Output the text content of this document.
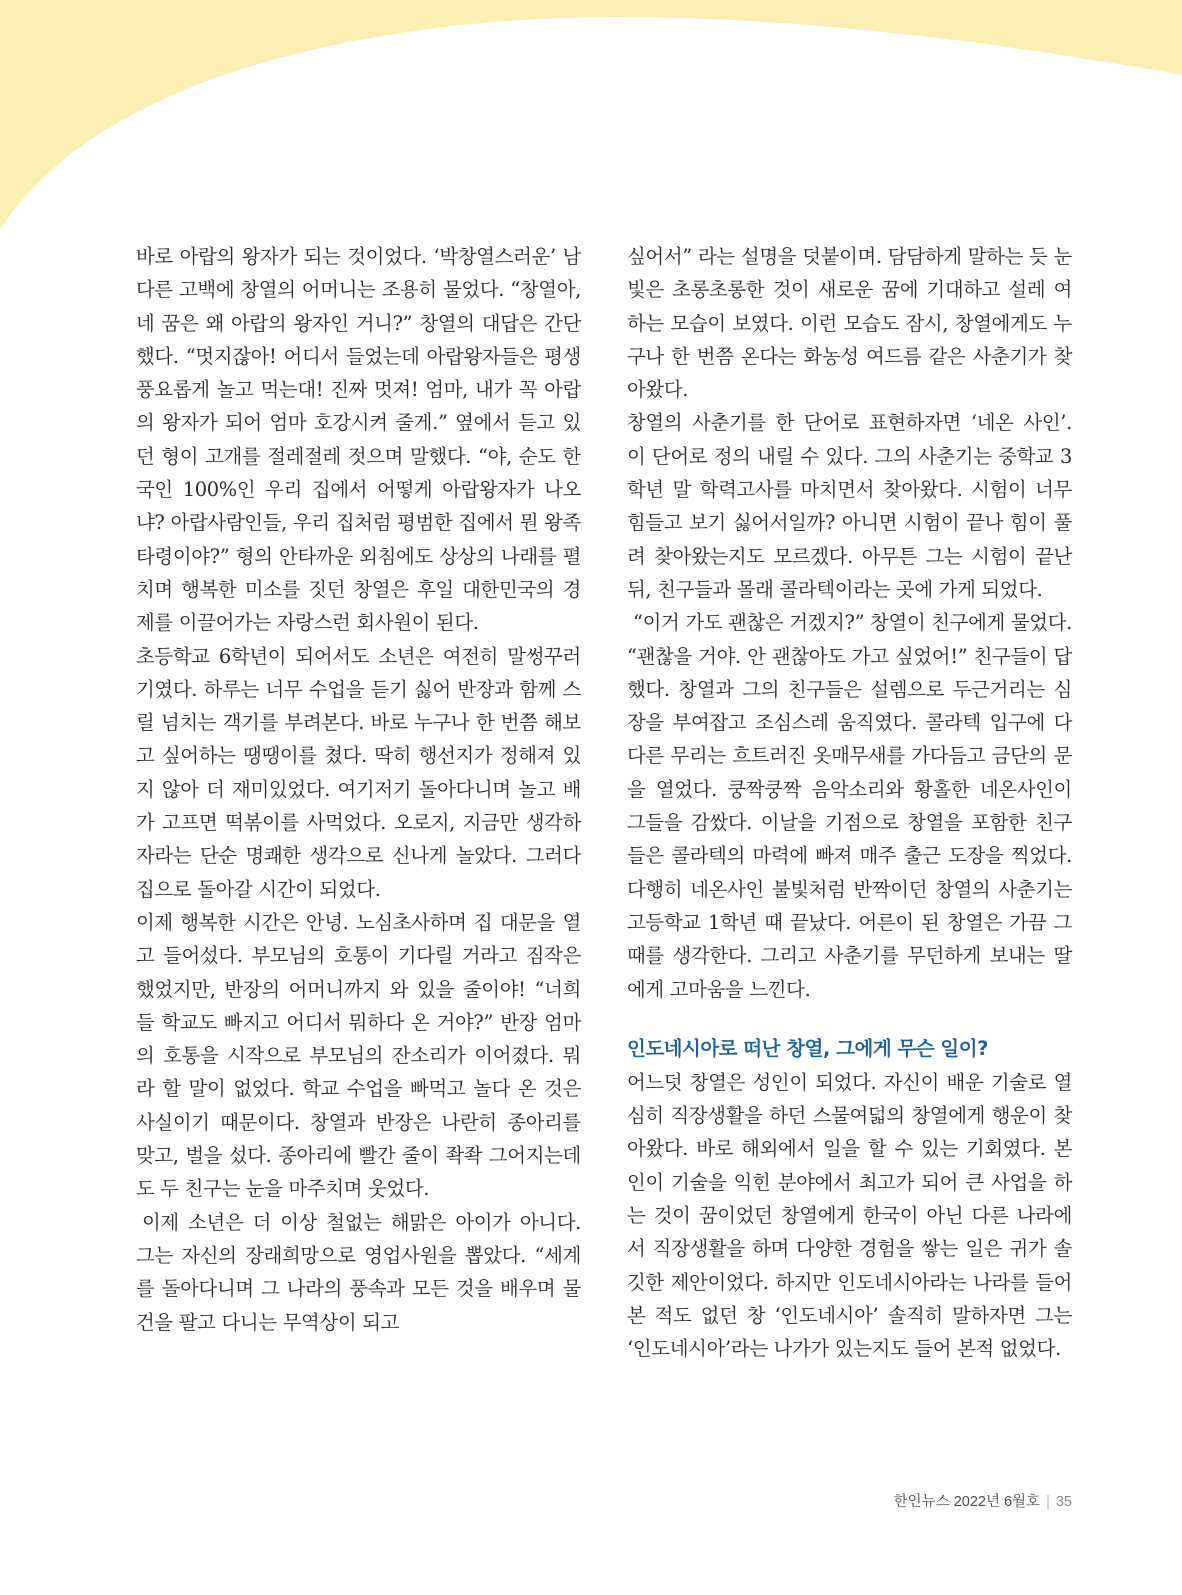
바로 아랍의 왕자가 되는 것이었다. ‘박창열스러운’ 남다른 고백에 창열의 어머니는 조용히 물었다. “창열아, 네 꿈은 왜 아랍의 왕자인 거니?” 창열의 대답은 간단했다. “멋지잖아! 어디서 들었는데 아랍왕자들은 평생 풍요롭게 놀고 먹는대! 진짜 멋져! 엄마, 내가 꼭 아랍의 왕자가 되어 엄마 호강시켜 줄게.” 옆에서 듣고 있던 형이 고개를 절레절레 젓으며 말했다. “야, 순도 한국인 100%인 우리 집에서 어떻게 아랍왕자가 나오냐? 아랍사람인들, 우리 집처럼 평범한 집에서 뭔 왕족 타령이야?” 형의 안타까운 외침에도 상상의 나래를 펼치며 행복한 미소를 짓던 창열은 후일 대한민국의 경제를 이끌어가는 자랑스런 회사원이 된다.

초등학교 6학년이 되어서도 소년은 여전히 말썽꾸러기였다. 하루는 너무 수업을 듣기 싫어 반장과 함께 스릴 넘치는 객기를 부려본다. 바로 누구나 한 번쯤 해보고 싶어하는 땡땡이를 쳤다. 딱히 행선지가 정해져 있지 않아 더 재미있었다. 여기저기 돌아다니며 놀고 배가 고프면 떡볶이를 사먹었다. 오로지, 지금만 생각하자라는 단순 명쾌한 생각으로 신나게 놀았다. 그러다 집으로 돌아갈 시간이 되었다.

이제 행복한 시간은 안녕. 노심초사하며 집 대문을 열고 들어섰다. 부모님의 호통이 기다릴 거라고 짐작은 했었지만, 반장의 어머니까지 와 있을 줄이야! “너희들 학교도 빠지고 어디서 뭐하다 온 거야?” 반장 엄마의 호통을 시작으로 부모님의 잔소리가 이어졌다. 뭐라 할 말이 없었다. 학교 수업을 빠먹고 놀다 온 것은 사실이기 때문이다. 창열과 반장은 나란히 종아리를 맞고, 벌을 섰다. 종아리에 빨간 줄이 좍좍 그어지는데도 두 친구는 눈을 마주치며 웃었다.

이제 소년은 더 이상 철없는 해맑은 아이가 아니다. 그는 자신의 장래희망으로 영업사원을 뽑았다. “세계를 돌아다니며 그 나라의 풍속과 모든 것을 배우며 물건을 팔고 다니는 무역상이 되고

싶어서” 라는 설명을 덧붙이며. 담담하게 말하는 듯 눈빛은 초롱초롱한 것이 새로운 꿈에 기대하고 설레 여하는 모습이 보였다. 이런 모습도 잠시, 창열에게도 누구나 한 번쯤 온다는 화농성 여드름 같은 사춘기가 찾아왔다.

창열의 사춘기를 한 단어로 표현하자면 ‘네온 사인’. 이 단어로 정의 내릴 수 있다. 그의 사춘기는 중학교 3학년 말 학력고사를 마치면서 찾아왔다. 시험이 너무 힘들고 보기 싫어서일까? 아니면 시험이 끝나 힘이 풀려 찾아왔는지도 모르겠다. 아무튼 그는 시험이 끝난 뒤, 친구들과 몰래 콜라텍이라는 곳에 가게 되었다.

“이거 가도 괜찮은 거겠지?” 창열이 친구에게 물었다. “괜찮을 거야. 안 괜찮아도 가고 싶었어!” 친구들이 답했다. 창열과 그의 친구들은 설렘으로 두근거리는 심장을 부여잡고 조심스레 움직였다. 콜라텍 입구에 다다른 무리는 흐트러진 옷매무새를 가다듬고 금단의 문을 열었다. 쿵짝쿵짝 음악소리와 황홀한 네온사인이 그들을 감쌌다. 이날을 기점으로 창열을 포함한 친구들은 콜라텍의 마력에 빠져 매주 출근 도장을 찍었다. 다행히 네온사인 불빛처럼 반짝이던 창열의 사춘기는 고등학교 1학년 때 끝났다. 어른이 된 창열은 가끔 그때를 생각한다. 그리고 사춘기를 무던하게 보내는 딸에게 고마움을 느낀다.

인도네시아로 떠난 창열, 그에게 무슨 일이?

어느덧 창열은 성인이 되었다. 자신이 배운 기술로 열심히 직장생활을 하던 스물여덟의 창열에게 행운이 찾아왔다. 바로 해외에서 일을 할 수 있는 기회였다. 본인이 기술을 익힌 분야에서 최고가 되어 큰 사업을 하는 것이 꿈이었던 창열에게 한국이 아닌 다른 나라에서 직장생활을 하며 다양한 경험을 쌓는 일은 귀가 솔깃한 제안이었다. 하지만 인도네시아라는 나라를 들어 본 적도 없던 창 ‘인도네시아’ 솔직히 말하자면 그는 ‘인도네시아’라는 나가가 있는지도 들어 본적 없었다.

한인뉴스 2022년 6월호 | 35
